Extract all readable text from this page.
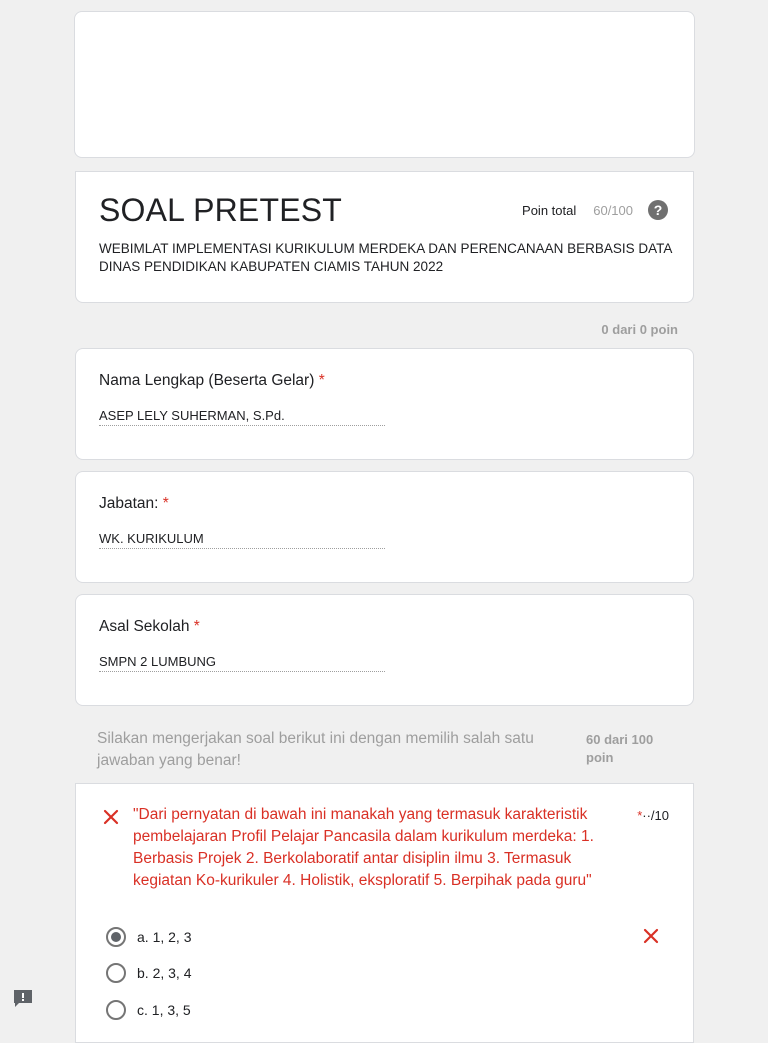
SOAL PRETEST	Poin total 60/100	?

WEBIMLAT IMPLEMENTASI KURIKULUM MERDEKA DAN PERENCANAAN BERBASIS DATA
DINAS PENDIDIKAN KABUPATEN CIAMIS TAHUN 2022

0 dari 0 poin
Nama Lengkap (Beserta Gelar) *
ASEP LELY SUHERMAN, S.Pd.
Jabatan: *
WK. KURIKULUM
Asal Sekolah *
SMPN 2 LUMBUNG
Silakan mengerjakan soal berikut ini dengan memilih salah satu jawaban yang benar!
60 dari 100 poin
"Dari pernyatan di bawah ini manakah yang termasuk karakteristik pembelajaran Profil Pelajar Pancasila dalam kurikulum merdeka: 1. Berbasis Projek 2. Berkolaboratif antar disiplin ilmu 3. Termasuk kegiatan Ko-kurikuler 4. Holistik, eksploratif 5. Berpihak pada guru"
*··/10
a. 1, 2, 3
b. 2, 3, 4
c. 1, 3, 5
